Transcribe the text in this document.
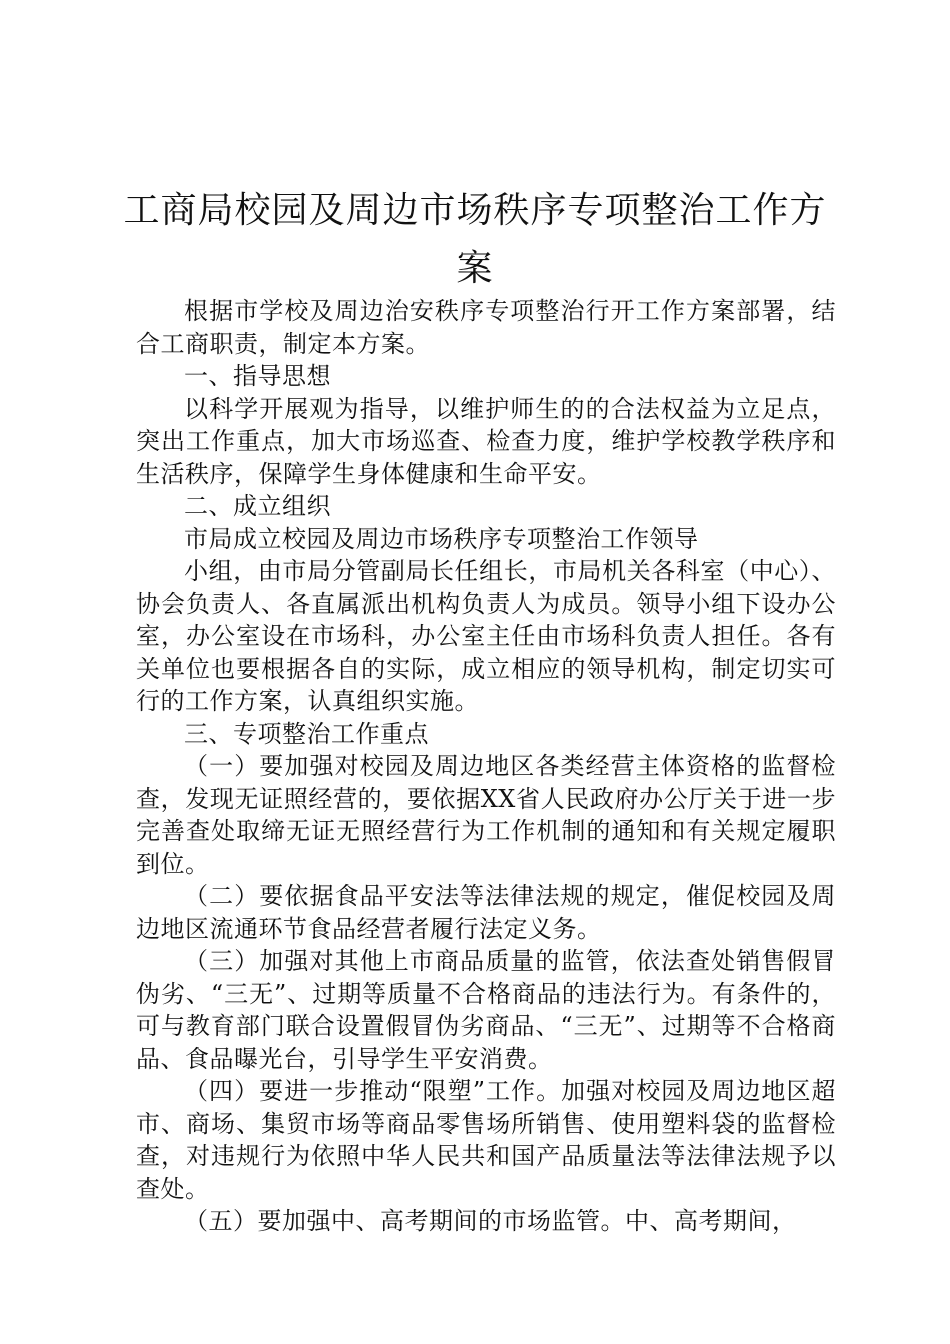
工商局校园及周边市场秩序专项整治工作方案

根据市学校及周边治安秩序专项整治行开工作方案部署，结合工商职责，制定本方案。

一、指导思想

以科学开展观为指导，以维护师生的的合法权益为立足点，突出工作重点，加大市场巡查、检查力度，维护学校教学秩序和生活秩序，保障学生身体健康和生命平安。

二、成立组织

市局成立校园及周边市场秩序专项整治工作领导

小组，由市局分管副局长任组长，市局机关各科室（中心）、协会负责人、各直属派出机构负责人为成员。领导小组下设办公室，办公室设在市场科，办公室主任由市场科负责人担任。各有关单位也要根据各自的实际，成立相应的领导机构，制定切实可行的工作方案，认真组织实施。

三、专项整治工作重点

（一）要加强对校园及周边地区各类经营主体资格的监督检查，发现无证照经营的，要依据XX省人民政府办公厅关于进一步完善查处取缔无证无照经营行为工作机制的通知和有关规定履职到位。

（二）要依据食品平安法等法律法规的规定，催促校园及周边地区流通环节食品经营者履行法定义务。

（三）加强对其他上市商品质量的监管，依法查处销售假冒伪劣、“三无”、过期等质量不合格商品的违法行为。有条件的，可与教育部门联合设置假冒伪劣商品、“三无”、过期等不合格商品、食品曝光台，引导学生平安消费。

（四）要进一步推动“限塑”工作。加强对校园及周边地区超市、商场、集贸市场等商品零售场所销售、使用塑料袋的监督检查，对违规行为依照中华人民共和国产品质量法等法律法规予以查处。

（五）要加强中、高考期间的市场监管。中、高考期间，
